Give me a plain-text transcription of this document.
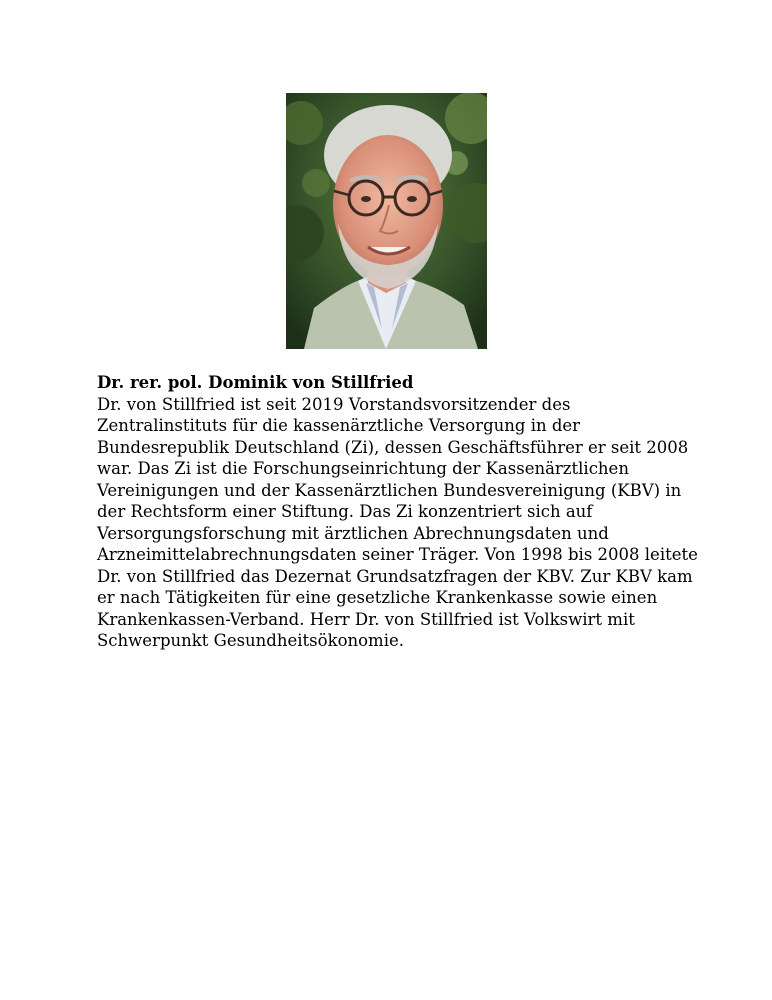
Dr. rer. pol. Dominik von Stillfried

Dr. von Stillfried ist seit 2019 Vorstandsvorsitzender des
Zentralinstituts für die kassenärztliche Versorgung in der
Bundesrepublik Deutschland (Zi), dessen Geschäftsführer er seit 2008
war. Das Zi ist die Forschungseinrichtung der Kassenärztlichen
Vereinigungen und der Kassenärztlichen Bundesvereinigung (KBV) in
der Rechtsform einer Stiftung. Das Zi konzentriert sich auf
Versorgungsforschung mit ärztlichen Abrechnungsdaten und
Arzneimittelabrechnungsdaten seiner Träger. Von 1998 bis 2008 leitete
Dr. von Stillfried das Dezernat Grundsatzfragen der KBV. Zur KBV kam
er nach Tätigkeiten für eine gesetzliche Krankenkasse sowie einen
Krankenkassen-Verband. Herr Dr. von Stillfried ist Volkswirt mit
Schwerpunkt Gesundheitsökonomie.
